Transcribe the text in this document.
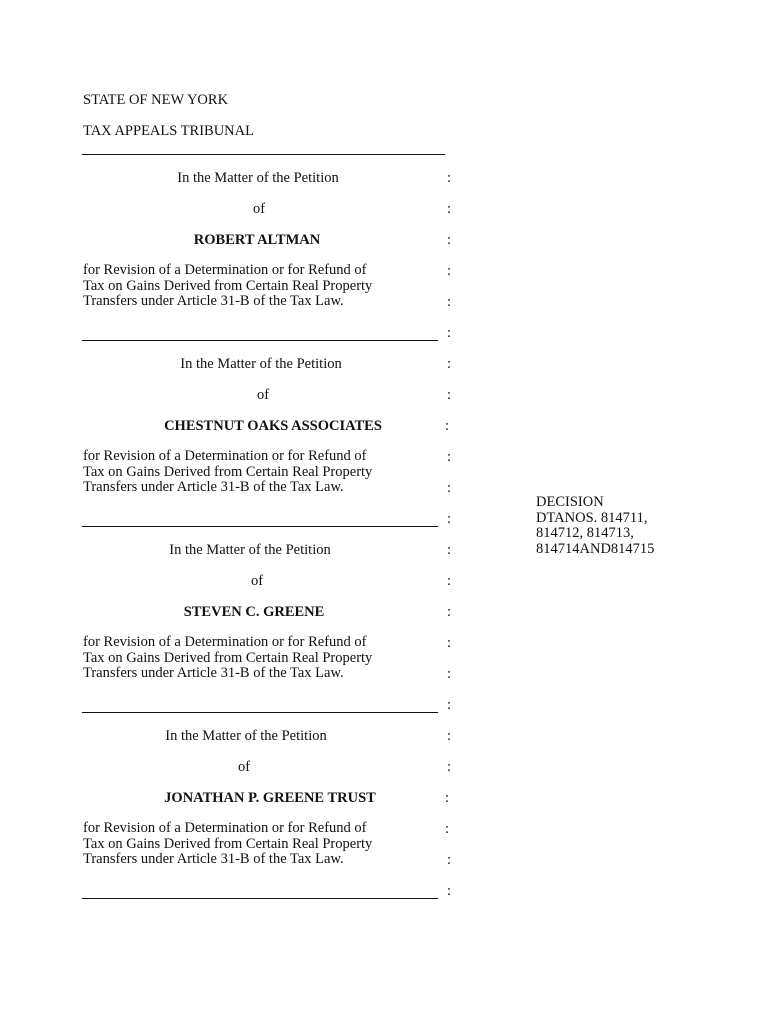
STATE OF NEW YORK
TAX APPEALS TRIBUNAL
In the Matter of the Petition
of
ROBERT ALTMAN
for Revision of a Determination or for Refund of Tax on Gains Derived from Certain Real Property Transfers under Article 31-B of the Tax Law.
:
:
:
:
:
:
In the Matter of the Petition
of
CHESTNUT OAKS ASSOCIATES
for Revision of a Determination or for Refund of Tax on Gains Derived from Certain Real Property Transfers under Article 31-B of the Tax Law.
:
:
:
:
:
:
In the Matter of the Petition
of
STEVEN C. GREENE
for Revision of a Determination or for Refund of Tax on Gains Derived from Certain Real Property Transfers under Article 31-B of the Tax Law.
:
:
:
:
:
:
In the Matter of the Petition
of
JONATHAN P. GREENE TRUST
for Revision of a Determination or for Refund of Tax on Gains Derived from Certain Real Property Transfers under Article 31-B of the Tax Law.
:
:
:
:
:
:
DECISION
DTANOS. 814711,
814712, 814713,
814714AND814715
